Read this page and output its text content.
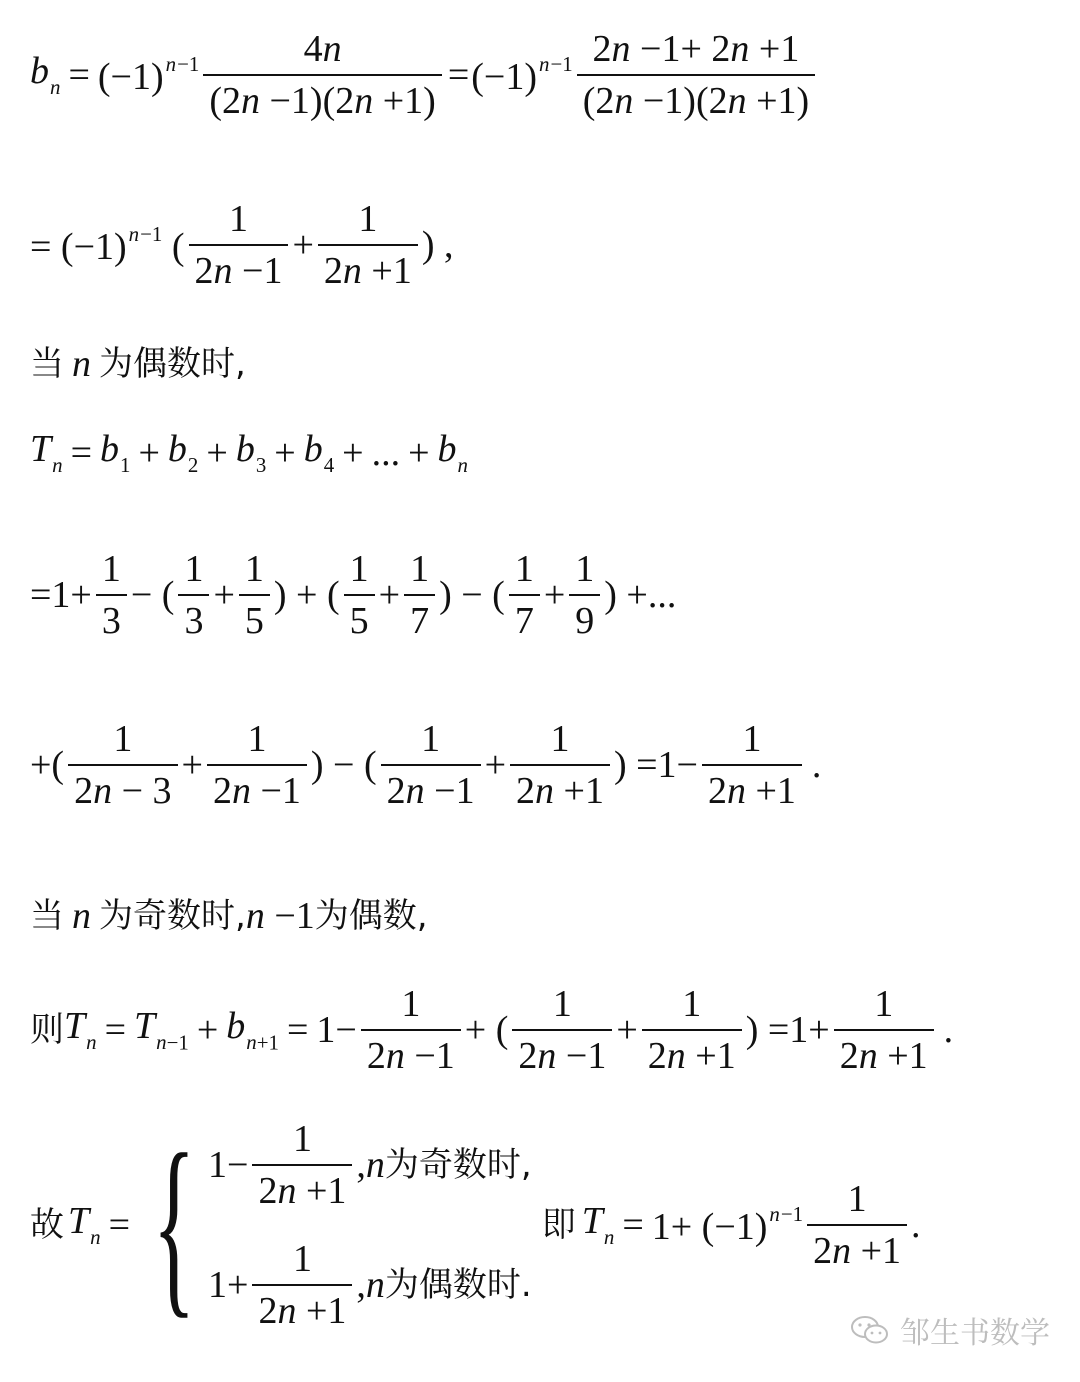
$b_n = (-1)^{n-1} \frac{4n}{(2n -1)(2n +1)} = (-1)^{n-1} \frac{2n -1+ 2n +1}{(2n -1)(2n +1)}$
= $(-1)^{n-1}$ ( $\frac{1}{2n -1} + \frac{1}{2n +1}$ ) ,
当 n 为偶数时,
$T_n = b_1 + b_2 + b_3 + b_4$ + ... + $b_n$
$=1+ \frac{1}{3}$ − ( $\frac{1}{3} + \frac{1}{5}$ ) + ( $\frac{1}{5} + \frac{1}{7}$ ) − ( $\frac{1}{7} + \frac{1}{9}$ ) +...
+( $\frac{1}{2n - 3} + \frac{1}{2n -1}$ ) − ( $\frac{1}{2n -1} + \frac{1}{2n +1}$ ) $=1- \frac{1}{2n +1}$ .
当 n 为奇数时, n −1 为偶数,
则 $T_n = T_{n-1} + b_{n+1} = 1- \frac{1}{2n -1}$ + ( $\frac{1}{2n -1} + \frac{1}{2n +1}$ ) $=1+ \frac{1}{2n +1}$ .
故 $T_n$ = { $1- \frac{1}{2n +1} ,n$ 为奇数时,
$1+ \frac{1}{2n +1} ,n$ 为偶数时.
即 $T_n = 1+ (-1)^{n-1} \frac{1}{2n +1}$ .
邹生书数学
